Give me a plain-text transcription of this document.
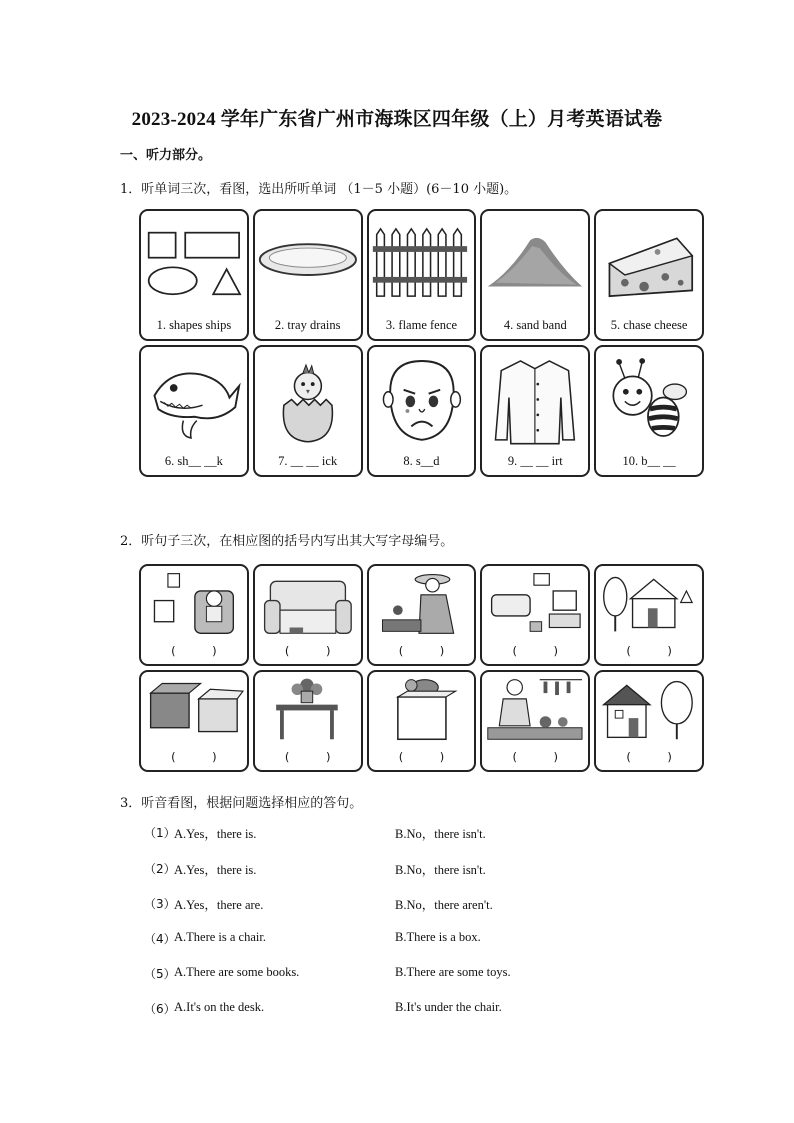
2023-2024 学年广东省广州市海珠区四年级（上）月考英语试卷
一、听力部分。
1．听单词三次，看图，选出所听单词 （1－5 小题）(6－10 小题)。
1. shapes ships	2. tray drains	3. flame fence	4. sand band	5. chase cheese
6. sh__ __k	7. __ __ ick	8. s__d	9. __ __ irt	10. b__ __
2．听句子三次，在相应图的括号内写出其大写字母编号。
(          )	(          )	(          )	(          )	(          )
(          )	(          )	(          )	(          )	(          )
3．听音看图，根据问题选择相应的答句。
（1）
A.Yes，there is.	B.No，there isn't.
（2）
A.Yes，there is.	B.No，there isn't.
（3）
A.Yes，there are.	B.No，there aren't.
（4）
A.There is a chair.	B.There is a box.
（5）
A.There are some books.	B.There are some toys.
（6）
A.It's on the desk.	B.It's under the chair.
